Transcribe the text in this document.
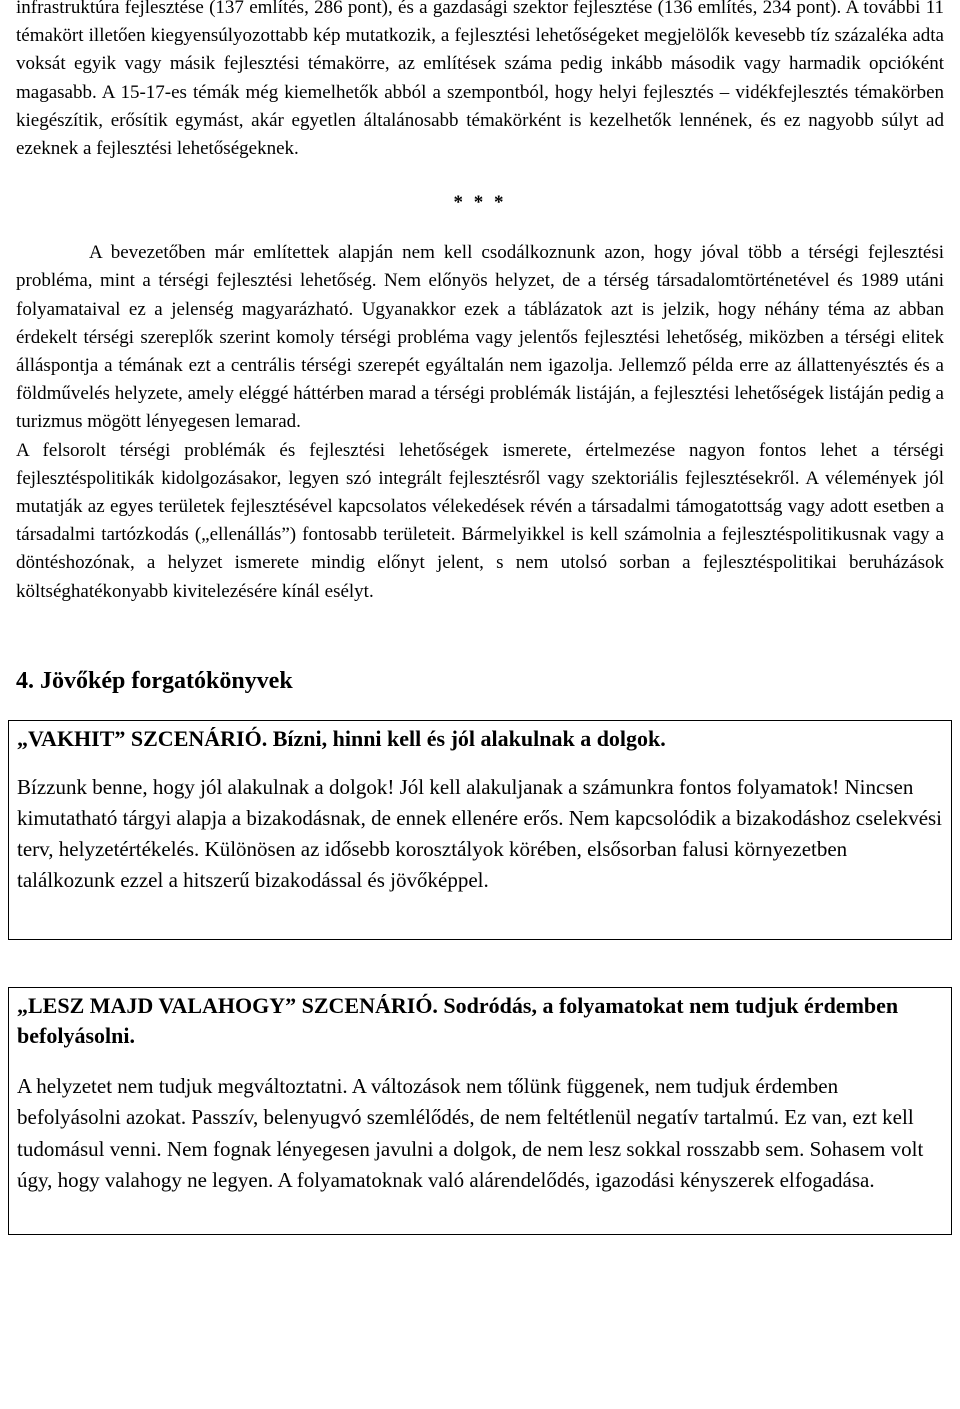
infrastruktúra fejlesztése (137 említés, 286 pont), és a gazdasági szektor fejlesztése (136 említés, 234 pont). A további 11 témakört illetően kiegyensúlyozottabb kép mutatkozik, a fejlesztési lehetőségeket megjelölők kevesebb tíz százaléka adta voksát egyik vagy másik fejlesztési témakörre, az említések száma pedig inkább második vagy harmadik opcióként magasabb. A 15-17-es témák még kiemelhetők abból a szempontból, hogy helyi fejlesztés – vidékfejlesztés témakörben kiegészítik, erősítik egymást, akár egyetlen általánosabb témakörként is kezelhetők lennének, és ez nagyobb súlyt ad ezeknek a fejlesztési lehetőségeknek.

* * *

A bevezetőben már említettek alapján nem kell csodálkoznunk azon, hogy jóval több a térségi fejlesztési probléma, mint a térségi fejlesztési lehetőség. Nem előnyös helyzet, de a térség társadalomtörténetével és 1989 utáni folyamataival ez a jelenség magyarázható. Ugyanakkor ezek a táblázatok azt is jelzik, hogy néhány téma az abban érdekelt térségi szereplők szerint komoly térségi probléma vagy jelentős fejlesztési lehetőség, miközben a térségi elitek álláspontja a témának ezt a centrális térségi szerepét egyáltalán nem igazolja. Jellemző példa erre az állattenyésztés és a földművelés helyzete, amely eléggé háttérben marad a térségi problémák listáján, a fejlesztési lehetőségek listáján pedig a turizmus mögött lényegesen lemarad.

A felsorolt térségi problémák és fejlesztési lehetőségek ismerete, értelmezése nagyon fontos lehet a térségi fejlesztéspolitikák kidolgozásakor, legyen szó integrált fejlesztésről vagy szektoriális fejlesztésekről. A vélemények jól mutatják az egyes területek fejlesztésével kapcsolatos vélekedések révén a társadalmi támogatottság vagy adott esetben a társadalmi tartózkodás („ellenállás”) fontosabb területeit. Bármelyikkel is kell számolnia a fejlesztéspolitikusnak vagy a döntéshozónak, a helyzet ismerete mindig előnyt jelent, s nem utolsó sorban a fejlesztéspolitikai beruházások költséghatékonyabb kivitelezésére kínál esélyt.

4. Jövőkép forgatókönyvek

„VAKHIT” SZCENÁRIÓ. Bízni, hinni kell és jól alakulnak a dolgok.

Bízzunk benne, hogy jól alakulnak a dolgok! Jól kell alakuljanak a számunkra fontos folyamatok! Nincsen kimutatható tárgyi alapja a bizakodásnak, de ennek ellenére erős. Nem kapcsolódik a bizakodáshoz cselekvési terv, helyzetértékelés. Különösen az idősebb korosztályok körében, elsősorban falusi környezetben találkozunk ezzel a hitszerű bizakodással és jövőképpel.

„LESZ MAJD VALAHOGY” SZCENÁRIÓ. Sodródás, a folyamatokat nem tudjuk érdemben befolyásolni.

A helyzetet nem tudjuk megváltoztatni. A változások nem tőlünk függenek, nem tudjuk érdemben befolyásolni azokat. Passzív, belenyugvó szemlélődés, de nem feltétlenül negatív tartalmú. Ez van, ezt kell tudomásul venni. Nem fognak lényegesen javulni a dolgok, de nem lesz sokkal rosszabb sem. Sohasem volt úgy, hogy valahogy ne legyen. A folyamatoknak való alárendelődés, igazodási kényszerek elfogadása.
